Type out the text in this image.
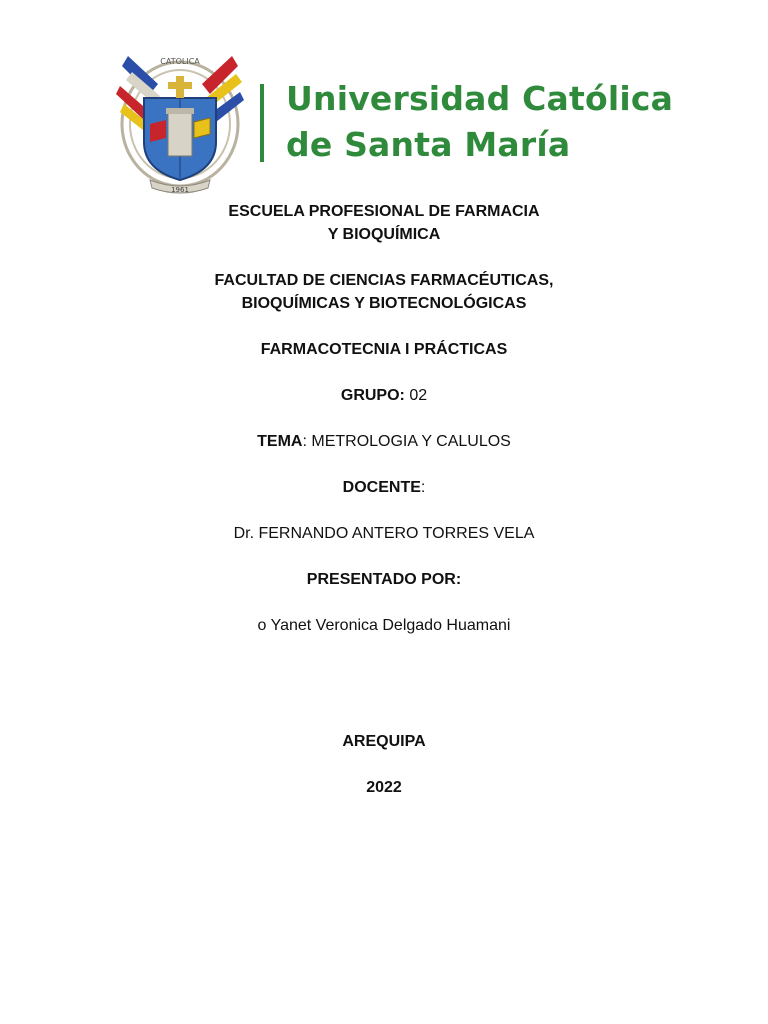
CATOLICA
1961
Universidad Católica
de Santa María
ESCUELA PROFESIONAL DE FARMACIA
Y BIOQUÍMICA
FACULTAD DE CIENCIAS FARMACÉUTICAS,
BIOQUÍMICAS Y BIOTECNOLÓGICAS
FARMACOTECNIA I PRÁCTICAS
GRUPO: 02
TEMA: METROLOGIA Y CALULOS
DOCENTE:
Dr. FERNANDO ANTERO TORRES VELA
PRESENTADO POR:
o Yanet Veronica Delgado Huamani
AREQUIPA
2022
